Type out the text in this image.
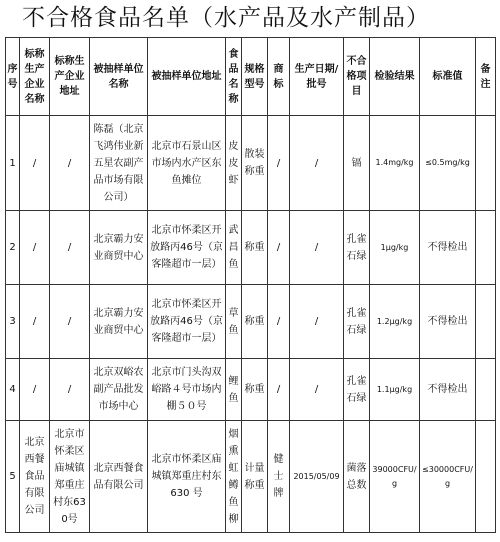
不合格食品名单（水产品及水产制品）
序号	标称生产企业名称	标称生产企业地址	被抽样单位名称	被抽样单位地址	食品名称	规格型号	商标	生产日期/批号	不合格项目	检验结果	标准值	备注
1	/	/	陈磊（北京飞鸿伟业新五星农副产品市场有限公司）	北京市石景山区市场内水产区东鱼摊位	皮皮虾	散装称重	/	/	镉	1.4mg/kg	≤0.5mg/kg	
2	/	/	北京霸力安业商贸中心	北京市怀柔区开放路丙46号（京客隆超市一层）	武昌鱼	称重	/	/	孔雀石绿	1μg/kg	不得检出	
3	/	/	北京霸力安业商贸中心	北京市怀柔区开放路丙46号（京客隆超市一层）	草鱼	称重	/	/	孔雀石绿	1.2μg/kg	不得检出	
4	/	/	北京双峪农副产品批发市场中心	北京市门头沟双峪路４号市场内棚５０号	鲤鱼	称重	/	/	孔雀石绿	1.1μg/kg	不得检出	
5	北京西餐食品有限公司	北京市怀柔区庙城镇郑重庄村东630号	北京西餐食品有限公司	北京市怀柔区庙城镇郑重庄村东 630 号	烟熏虹鳟鱼柳	计量称重	健士牌	2015/05/09	菌落总数	39000CFU/g	≤30000CFU/g	
